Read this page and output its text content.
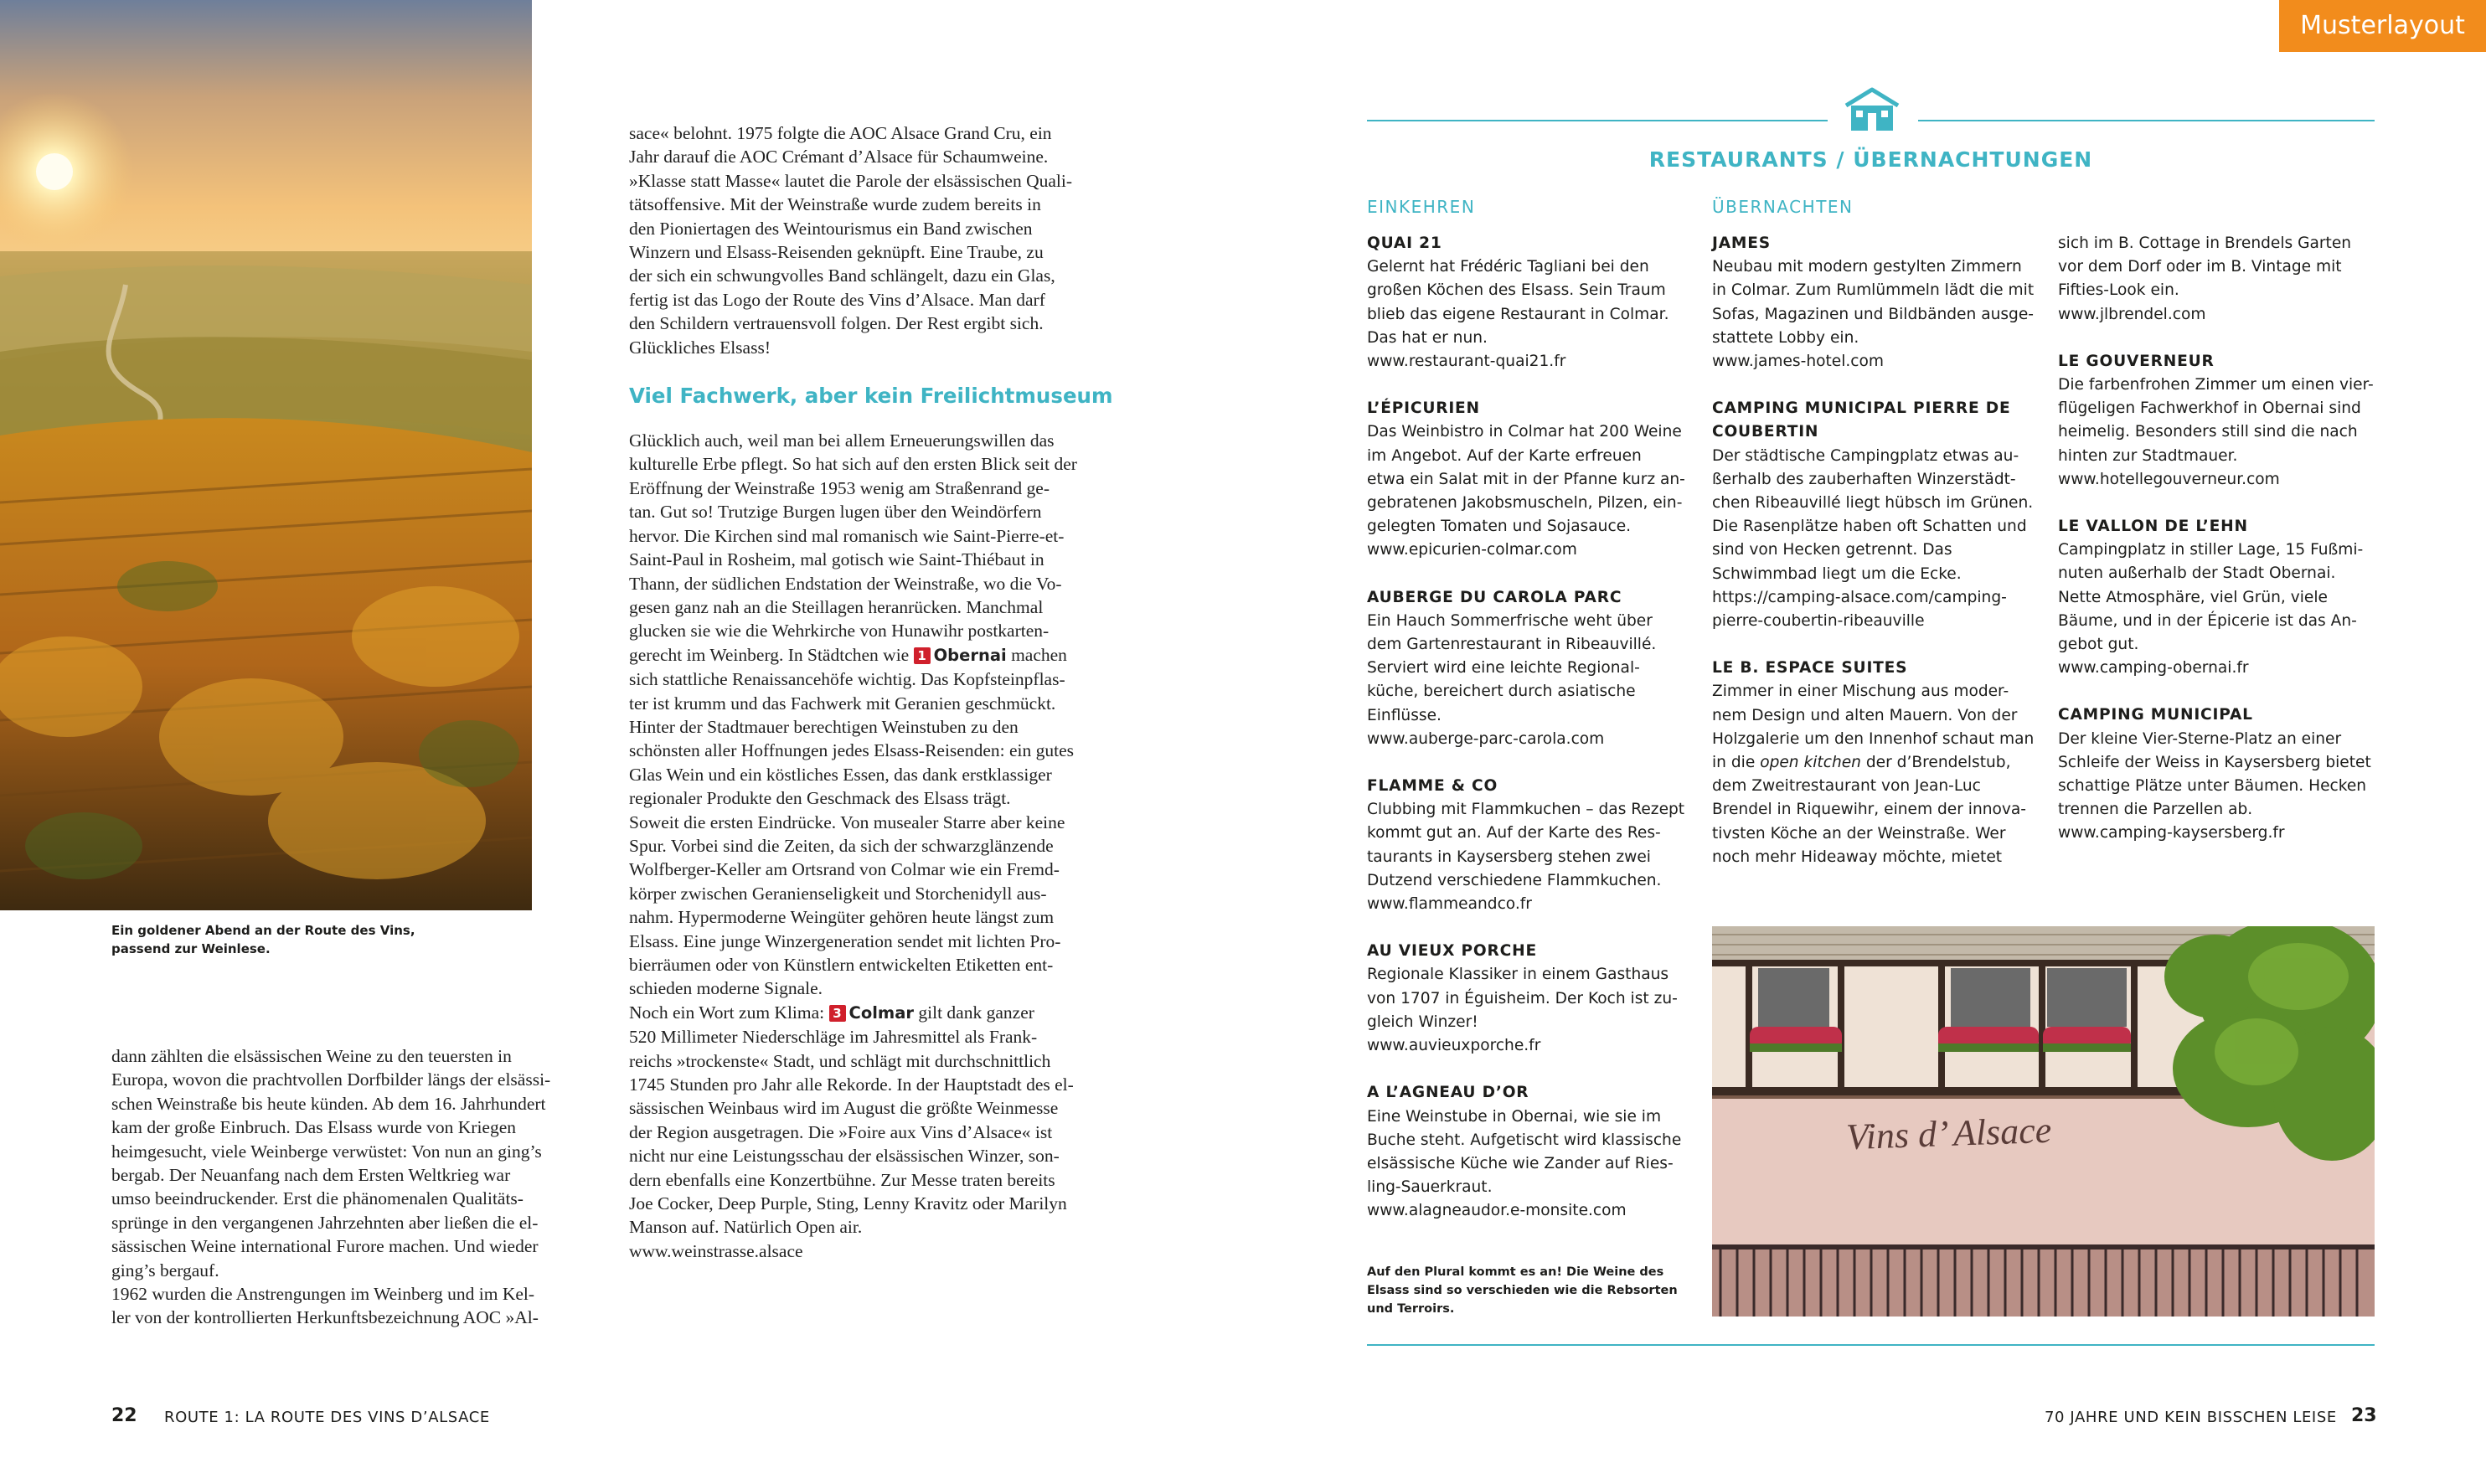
Ein goldener Abend an der Route des Vins,
passend zur Weinlese.
dann zählten die elsässischen Weine zu den teuersten in
Europa, wovon die prachtvollen Dorfbilder längs der elsässi-
schen Weinstraße bis heute künden. Ab dem 16. Jahrhundert
kam der große Einbruch. Das Elsass wurde von Kriegen
heimgesucht, viele Weinberge verwüstet: Von nun an ging’s
bergab. Der Neuanfang nach dem Ersten Weltkrieg war
umso beeindruckender. Erst die phänomenalen Qualitäts-
sprünge in den vergangenen Jahrzehnten aber ließen die el-
sässischen Weine international Furore machen. Und wieder
ging’s bergauf.
1962 wurden die Anstrengungen im Weinberg und im Kel-
ler von der kontrollierten Herkunftsbezeichnung AOC »Al-
sace« belohnt. 1975 folgte die AOC Alsace Grand Cru, ein
Jahr darauf die AOC Crémant d’Alsace für Schaumweine.
»Klasse statt Masse« lautet die Parole der elsässischen Quali-
tätsoffensive. Mit der Weinstraße wurde zudem bereits in
den Pioniertagen des Weintourismus ein Band zwischen
Winzern und Elsass-Reisenden geknüpft. Eine Traube, zu
der sich ein schwungvolles Band schlängelt, dazu ein Glas,
fertig ist das Logo der Route des Vins d’Alsace. Man darf
den Schildern vertrauensvoll folgen. Der Rest ergibt sich.
Glückliches Elsass!
Viel Fachwerk, aber kein Freilichtmuseum
Glücklich auch, weil man bei allem Erneuerungswillen das
kulturelle Erbe pflegt. So hat sich auf den ersten Blick seit der
Eröffnung der Weinstraße 1953 wenig am Straßenrand ge-
tan. Gut so! Trutzige Burgen lugen über den Weindörfern
hervor. Die Kirchen sind mal romanisch wie Saint-Pierre-et-
Saint-Paul in Rosheim, mal gotisch wie Saint-Thiébaut in
Thann, der südlichen Endstation der Weinstraße, wo die Vo-
gesen ganz nah an die Steillagen heranrücken. Manchmal
glucken sie wie die Wehrkirche von Hunawihr postkarten-
gerecht im Weinberg. In Städtchen wie 1 Obernai machen
sich stattliche Renaissancehöfe wichtig. Das Kopfsteinpflas-
ter ist krumm und das Fachwerk mit Geranien geschmückt.
Hinter der Stadtmauer berechtigen Weinstuben zu den
schönsten aller Hoffnungen jedes Elsass-Reisenden: ein gutes
Glas Wein und ein köstliches Essen, das dank erstklassiger
regionaler Produkte den Geschmack des Elsass trägt.
Soweit die ersten Eindrücke. Von musealer Starre aber keine
Spur. Vorbei sind die Zeiten, da sich der schwarzglänzende
Wolfberger-Keller am Ortsrand von Colmar wie ein Fremd-
körper zwischen Geranienseligkeit und Storchenidyll aus-
nahm. Hypermoderne Weingüter gehören heute längst zum
Elsass. Eine junge Winzergeneration sendet mit lichten Pro-
bierräumen oder von Künstlern entwickelten Etiketten ent-
schieden moderne Signale.
Noch ein Wort zum Klima: 3 Colmar gilt dank ganzer
520 Millimeter Niederschläge im Jahresmittel als Frank-
reichs »trockenste« Stadt, und schlägt mit durchschnittlich
1745 Stunden pro Jahr alle Rekorde. In der Hauptstadt des el-
sässischen Weinbaus wird im August die größte Weinmesse
der Region ausgetragen. Die »Foire aux Vins d’Alsace« ist
nicht nur eine Leistungsschau der elsässischen Winzer, son-
dern ebenfalls eine Konzertbühne. Zur Messe traten bereits
Joe Cocker, Deep Purple, Sting, Lenny Kravitz oder Marilyn
Manson auf. Natürlich Open air.
www.weinstrasse.alsace
22 ROUTE 1: LA ROUTE DES VINS D’ALSACE
Musterlayout
RESTAURANTS / ÜBERNACHTUNGEN
EINKEHREN	ÜBERNACHTEN
QUAI 21
Gelernt hat Frédéric Tagliani bei den
großen Köchen des Elsass. Sein Traum
blieb das eigene Restaurant in Colmar.
Das hat er nun.
www.restaurant-quai21.fr
L’ÉPICURIEN
Das Weinbistro in Colmar hat 200 Weine
im Angebot. Auf der Karte erfreuen
etwa ein Salat mit in der Pfanne kurz an-
gebratenen Jakobsmuscheln, Pilzen, ein-
gelegten Tomaten und Sojasauce.
www.epicurien-colmar.com
AUBERGE DU CAROLA PARC
Ein Hauch Sommerfrische weht über
dem Gartenrestaurant in Ribeauvillé.
Serviert wird eine leichte Regional-
küche, bereichert durch asiatische
Einflüsse.
www.auberge-parc-carola.com
FLAMME & CO
Clubbing mit Flammkuchen – das Rezept
kommt gut an. Auf der Karte des Res-
taurants in Kaysersberg stehen zwei
Dutzend verschiedene Flammkuchen.
www.flammeandco.fr
AU VIEUX PORCHE
Regionale Klassiker in einem Gasthaus
von 1707 in Éguisheim. Der Koch ist zu-
gleich Winzer!
www.auvieuxporche.fr
A L’AGNEAU D’OR
Eine Weinstube in Obernai, wie sie im
Buche steht. Aufgetischt wird klassische
elsässische Küche wie Zander auf Ries-
ling-Sauerkraut.
www.alagneaudor.e-monsite.com
JAMES
Neubau mit modern gestylten Zimmern
in Colmar. Zum Rumlümmeln lädt die mit
Sofas, Magazinen und Bildbänden ausge-
stattete Lobby ein.
www.james-hotel.com
CAMPING MUNICIPAL PIERRE DE
COUBERTIN
Der städtische Campingplatz etwas au-
ßerhalb des zauberhaften Winzerstädt-
chen Ribeauvillé liegt hübsch im Grünen.
Die Rasenplätze haben oft Schatten und
sind von Hecken getrennt. Das
Schwimmbad liegt um die Ecke.
https://camping-alsace.com/camping-
pierre-coubertin-ribeauville
LE B. ESPACE SUITES
Zimmer in einer Mischung aus moder-
nem Design und alten Mauern. Von der
Holzgalerie um den Innenhof schaut man
in die open kitchen der d’Brendelstub,
dem Zweitrestaurant von Jean-Luc
Brendel in Riquewihr, einem der innova-
tivsten Köche an der Weinstraße. Wer
noch mehr Hideaway möchte, mietet
sich im B. Cottage in Brendels Garten
vor dem Dorf oder im B. Vintage mit
Fifties-Look ein.
www.jlbrendel.com
LE GOUVERNEUR
Die farbenfrohen Zimmer um einen vier-
flügeligen Fachwerkhof in Obernai sind
heimelig. Besonders still sind die nach
hinten zur Stadtmauer.
www.hotellegouverneur.com
LE VALLON DE L’EHN
Campingplatz in stiller Lage, 15 Fußmi-
nuten außerhalb der Stadt Obernai.
Nette Atmosphäre, viel Grün, viele
Bäume, und in der Épicerie ist das An-
gebot gut.
www.camping-obernai.fr
CAMPING MUNICIPAL
Der kleine Vier-Sterne-Platz an einer
Schleife der Weiss in Kaysersberg bietet
schattige Plätze unter Bäumen. Hecken
trennen die Parzellen ab.
www.camping-kaysersberg.fr
Vins d’ Alsace
Auf den Plural kommt es an! Die Weine des
Elsass sind so verschieden wie die Rebsorten
und Terroirs.
70 JAHRE UND KEIN BISSCHEN LEISE 23
